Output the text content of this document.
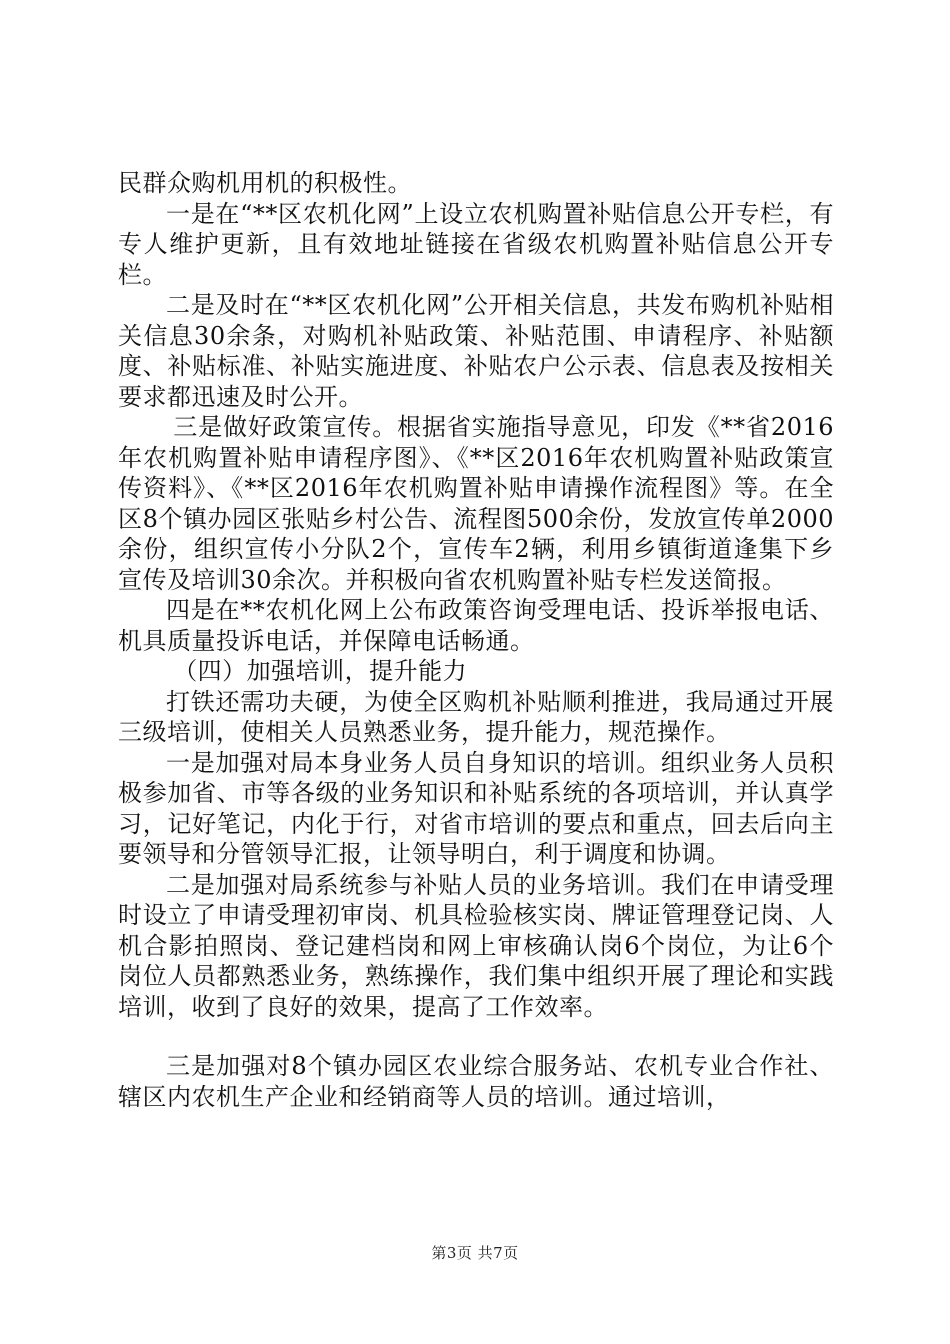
民群众购机用机的积极性。

一是在“**区农机化网”上设立农机购置补贴信息公开专栏，有专人维护更新，且有效地址链接在省级农机购置补贴信息公开专栏。

二是及时在“**区农机化网”公开相关信息，共发布购机补贴相关信息30余条，对购机补贴政策、补贴范围、申请程序、补贴额度、补贴标准、补贴实施进度、补贴农户公示表、信息表及按相关要求都迅速及时公开。

三是做好政策宣传。根据省实施指导意见，印发《**省2016年农机购置补贴申请程序图》、《**区2016年农机购置补贴政策宣传资料》、《**区2016年农机购置补贴申请操作流程图》等。在全区8个镇办园区张贴乡村公告、流程图500余份，发放宣传单2000余份，组织宣传小分队2个，宣传车2辆，利用乡镇街道逢集下乡宣传及培训30余次。并积极向省农机购置补贴专栏发送简报。

四是在**农机化网上公布政策咨询受理电话、投诉举报电话、机具质量投诉电话，并保障电话畅通。

（四）加强培训，提升能力

打铁还需功夫硬，为使全区购机补贴顺利推进，我局通过开展三级培训，使相关人员熟悉业务，提升能力，规范操作。

一是加强对局本身业务人员自身知识的培训。组织业务人员积极参加省、市等各级的业务知识和补贴系统的各项培训，并认真学习，记好笔记，内化于行，对省市培训的要点和重点，回去后向主要领导和分管领导汇报，让领导明白，利于调度和协调。

二是加强对局系统参与补贴人员的业务培训。我们在申请受理时设立了申请受理初审岗、机具检验核实岗、牌证管理登记岗、人机合影拍照岗、登记建档岗和网上审核确认岗6个岗位，为让6个岗位人员都熟悉业务，熟练操作，我们集中组织开展了理论和实践培训，收到了良好的效果，提高了工作效率。

三是加强对8个镇办园区农业综合服务站、农机专业合作社、辖区内农机生产企业和经销商等人员的培训。通过培训，

第3页 共7页
